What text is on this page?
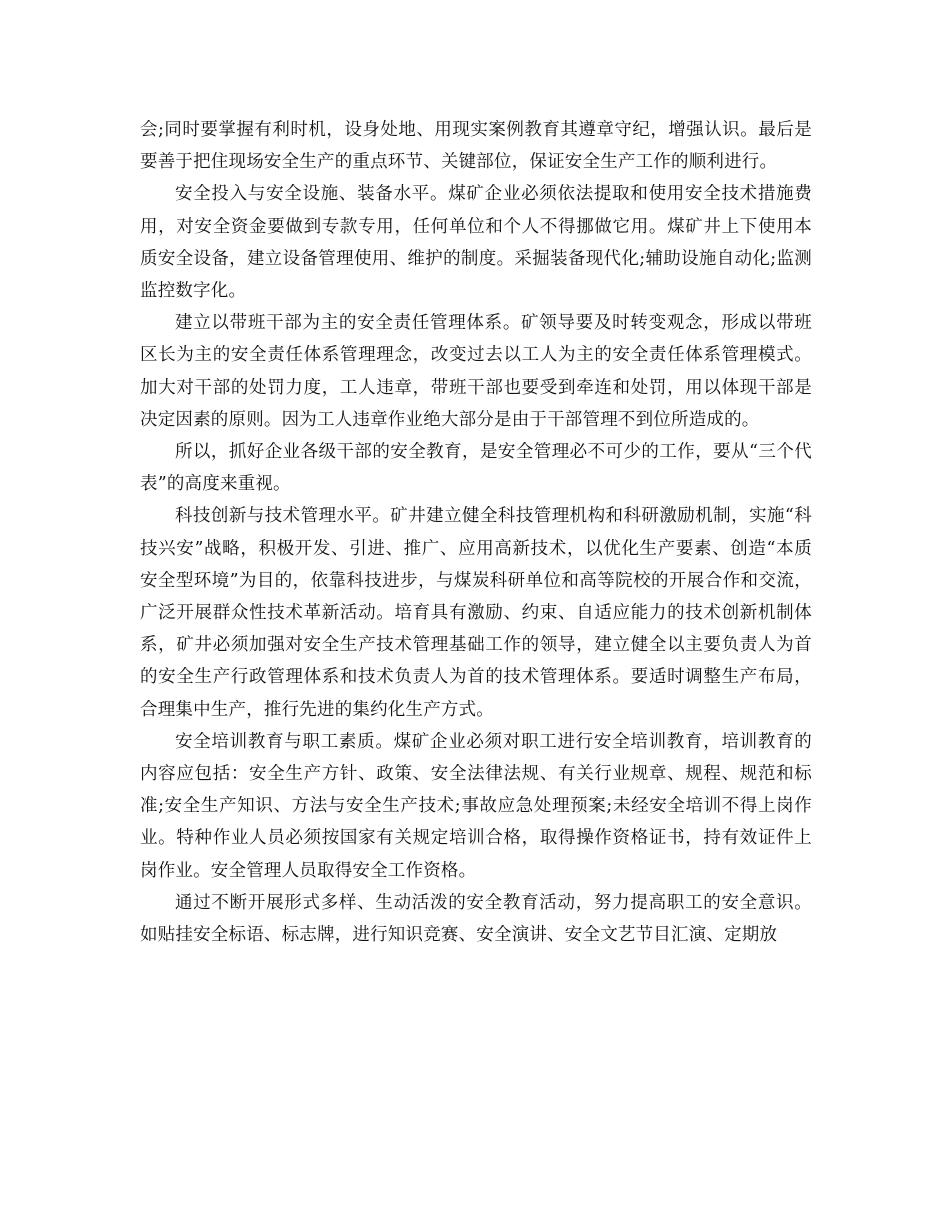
会;同时要掌握有利时机，设身处地、用现实案例教育其遵章守纪，增强认识。最后是要善于把住现场安全生产的重点环节、关键部位，保证安全生产工作的顺利进行。

安全投入与安全设施、装备水平。煤矿企业必须依法提取和使用安全技术措施费用，对安全资金要做到专款专用，任何单位和个人不得挪做它用。煤矿井上下使用本质安全设备，建立设备管理使用、维护的制度。采掘装备现代化;辅助设施自动化;监测监控数字化。

建立以带班干部为主的安全责任管理体系。矿领导要及时转变观念，形成以带班区长为主的安全责任体系管理理念，改变过去以工人为主的安全责任体系管理模式。加大对干部的处罚力度，工人违章，带班干部也要受到牵连和处罚，用以体现干部是决定因素的原则。因为工人违章作业绝大部分是由于干部管理不到位所造成的。

所以，抓好企业各级干部的安全教育，是安全管理必不可少的工作，要从“三个代表”的高度来重视。

科技创新与技术管理水平。矿井建立健全科技管理机构和科研激励机制，实施“科技兴安”战略，积极开发、引进、推广、应用高新技术，以优化生产要素、创造“本质安全型环境”为目的，依靠科技进步，与煤炭科研单位和高等院校的开展合作和交流，广泛开展群众性技术革新活动。培育具有激励、约束、自适应能力的技术创新机制体系，矿井必须加强对安全生产技术管理基础工作的领导，建立健全以主要负责人为首的安全生产行政管理体系和技术负责人为首的技术管理体系。要适时调整生产布局，合理集中生产，推行先进的集约化生产方式。

安全培训教育与职工素质。煤矿企业必须对职工进行安全培训教育，培训教育的内容应包括：安全生产方针、政策、安全法律法规、有关行业规章、规程、规范和标准;安全生产知识、方法与安全生产技术;事故应急处理预案;未经安全培训不得上岗作业。特种作业人员必须按国家有关规定培训合格，取得操作资格证书，持有效证件上岗作业。安全管理人员取得安全工作资格。

通过不断开展形式多样、生动活泼的安全教育活动，努力提高职工的安全意识。如贴挂安全标语、标志牌，进行知识竞赛、安全演讲、安全文艺节目汇演、定期放
